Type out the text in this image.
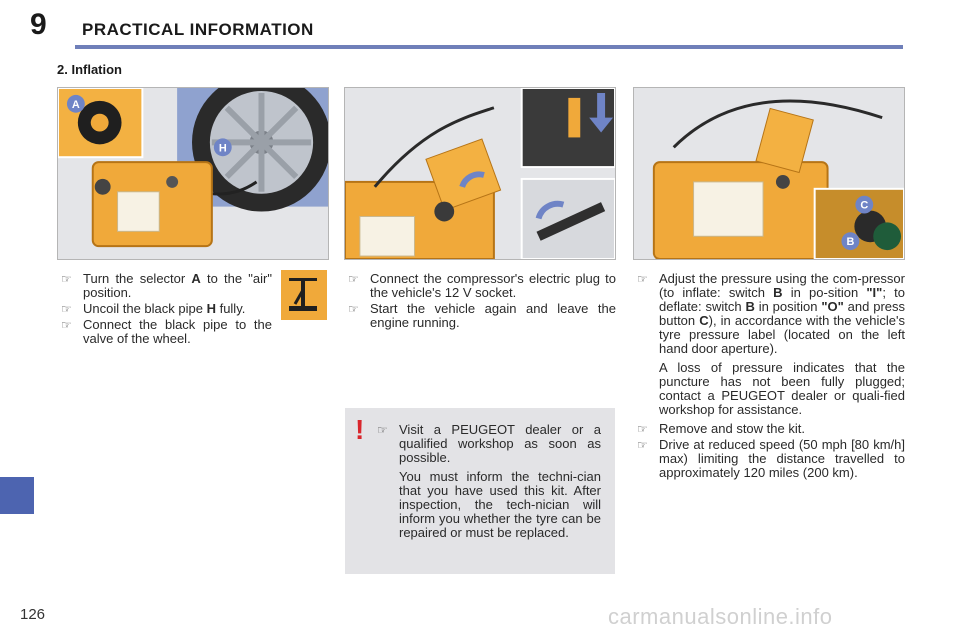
9 PRACTICAL INFORMATION
2. Inflation
A
H
C
B
☞ Turn the selector A to the "air" position.
☞ Uncoil the black pipe H fully.
☞ Connect the black pipe to the valve of the wheel.
☞ Connect the compressor's electric plug to the vehicle's 12 V socket.
☞ Start the vehicle again and leave the engine running.
! ☞ Visit a PEUGEOT dealer or a qualified workshop as soon as possible.

You must inform the techni-cian that you have used this kit. After inspection, the tech-nician will inform you whether the tyre can be repaired or must be replaced.

☞ Adjust the pressure using the com-pressor (to inflate: switch B in po-sition "I"; to deflate: switch B in position "O" and press button C), in accordance with the vehicle's tyre pressure label (located on the left hand door aperture).

A loss of pressure indicates that the puncture has not been fully plugged; contact a PEUGEOT dealer or quali-fied workshop for assistance.

☞ Remove and stow the kit.
☞ Drive at reduced speed (50 mph [80 km/h] max) limiting the distance travelled to approximately 120 miles (200 km).
126	carmanualsonline.info
